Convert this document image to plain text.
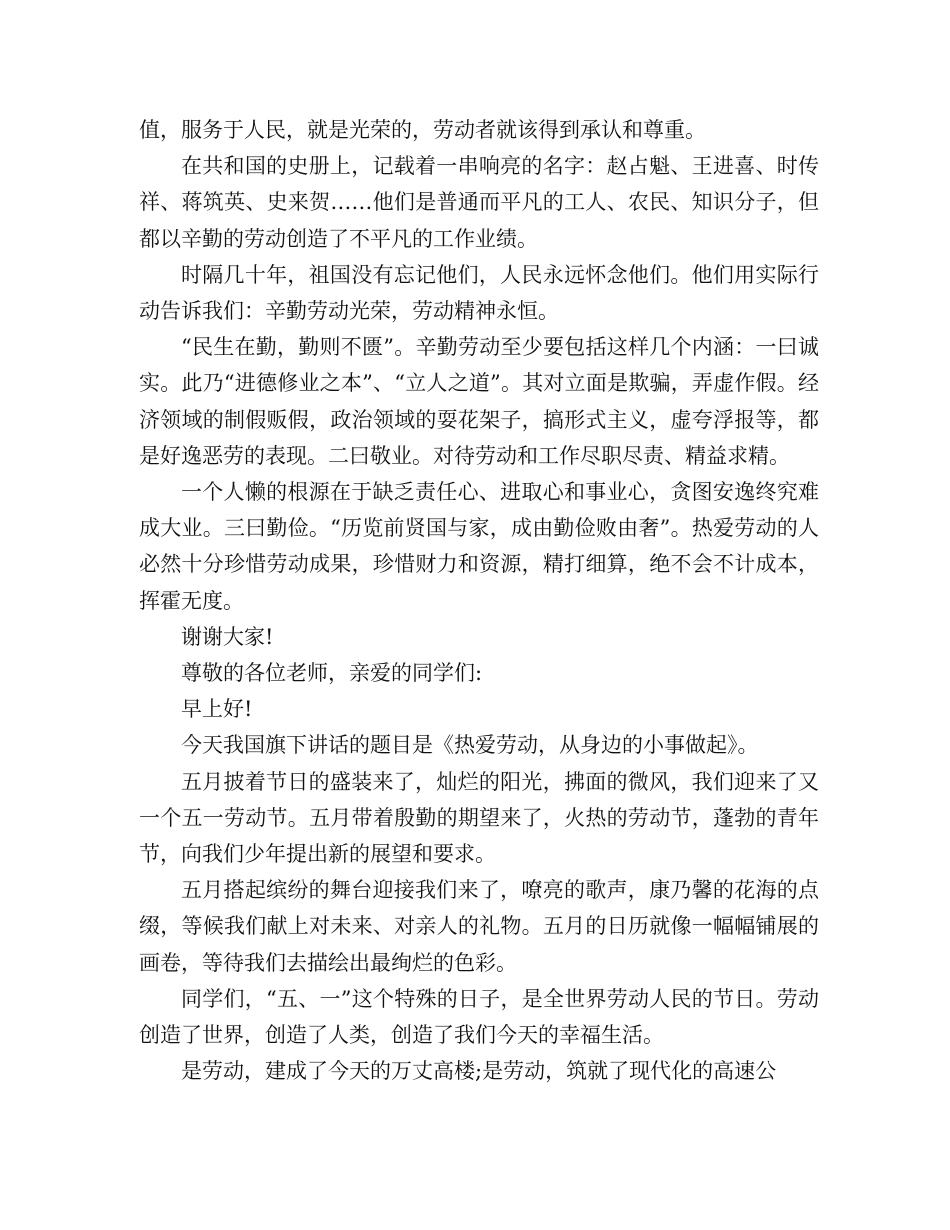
值，服务于人民，就是光荣的，劳动者就该得到承认和尊重。

在共和国的史册上，记载着一串响亮的名字：赵占魁、王进喜、时传祥、蒋筑英、史来贺……他们是普通而平凡的工人、农民、知识分子，但都以辛勤的劳动创造了不平凡的工作业绩。

时隔几十年，祖国没有忘记他们，人民永远怀念他们。他们用实际行动告诉我们：辛勤劳动光荣，劳动精神永恒。

“民生在勤，勤则不匮”。辛勤劳动至少要包括这样几个内涵：一曰诚实。此乃“进德修业之本”、“立人之道”。其对立面是欺骗，弄虚作假。经济领域的制假贩假，政治领域的耍花架子，搞形式主义，虚夸浮报等，都是好逸恶劳的表现。二曰敬业。对待劳动和工作尽职尽责、精益求精。

一个人懒的根源在于缺乏责任心、进取心和事业心，贪图安逸终究难成大业。三曰勤俭。“历览前贤国与家，成由勤俭败由奢”。热爱劳动的人必然十分珍惜劳动成果，珍惜财力和资源，精打细算，绝不会不计成本，挥霍无度。

谢谢大家!

尊敬的各位老师，亲爱的同学们:

早上好!

今天我国旗下讲话的题目是《热爱劳动，从身边的小事做起》。

五月披着节日的盛装来了，灿烂的阳光，拂面的微风，我们迎来了又一个五一劳动节。五月带着殷勤的期望来了，火热的劳动节，蓬勃的青年节，向我们少年提出新的展望和要求。

五月搭起缤纷的舞台迎接我们来了，嘹亮的歌声，康乃馨的花海的点缀，等候我们献上对未来、对亲人的礼物。五月的日历就像一幅幅铺展的画卷，等待我们去描绘出最绚烂的色彩。

同学们，“五、一”这个特殊的日子，是全世界劳动人民的节日。劳动创造了世界，创造了人类，创造了我们今天的幸福生活。

是劳动，建成了今天的万丈高楼;是劳动，筑就了现代化的高速公
